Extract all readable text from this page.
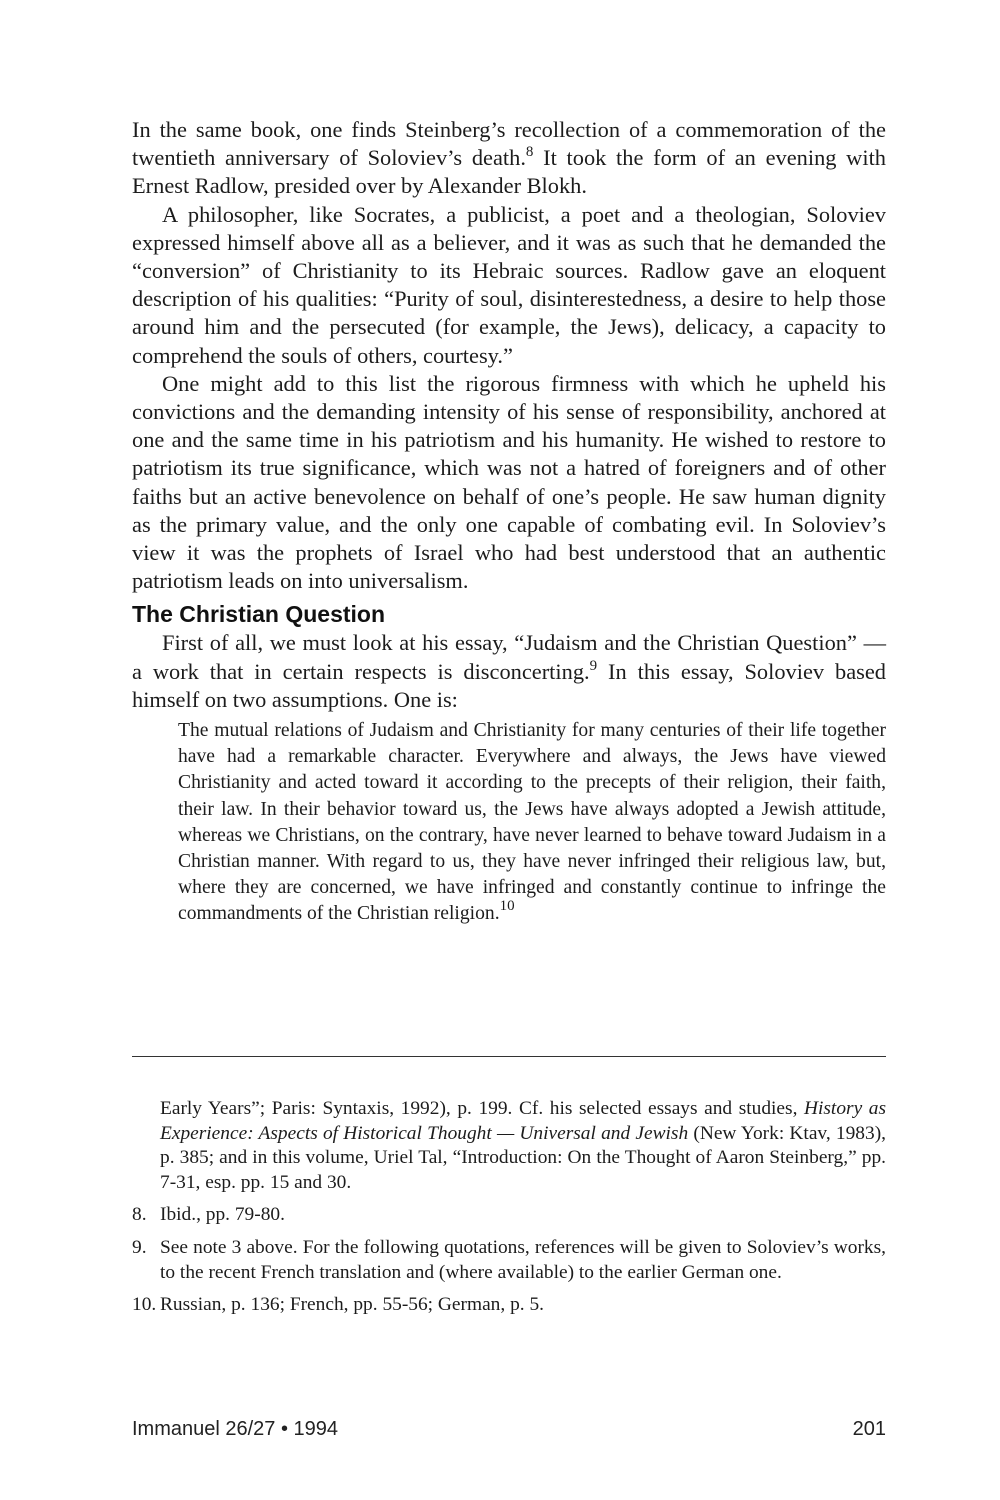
In the same book, one finds Steinberg’s recollection of a commemoration of the twentieth anniversary of Soloviev’s death.$^8$ It took the form of an evening with Ernest Radlow, presided over by Alexander Blokh.

A philosopher, like Socrates, a publicist, a poet and a theologian, Soloviev expressed himself above all as a believer, and it was as such that he demanded the “conversion” of Christianity to its Hebraic sources. Radlow gave an eloquent description of his qualities: “Purity of soul, disinterestedness, a desire to help those around him and the persecuted (for example, the Jews), delicacy, a capacity to comprehend the souls of others, courtesy.”

One might add to this list the rigorous firmness with which he upheld his convictions and the demanding intensity of his sense of responsibility, anchored at one and the same time in his patriotism and his humanity. He wished to restore to patriotism its true significance, which was not a hatred of foreigners and of other faiths but an active benevolence on behalf of one’s people. He saw human dignity as the primary value, and the only one capable of combating evil. In Soloviev’s view it was the prophets of Israel who had best understood that an authentic patriotism leads on into universalism.

The Christian Question

First of all, we must look at his essay, “Judaism and the Christian Question” — a work that in certain respects is disconcerting.$^9$ In this essay, Soloviev based himself on two assumptions. One is:

The mutual relations of Judaism and Christianity for many centuries of their life together have had a remarkable character. Everywhere and always, the Jews have viewed Christianity and acted toward it according to the precepts of their religion, their faith, their law. In their behavior toward us, the Jews have always adopted a Jewish attitude, whereas we Christians, on the contrary, have never learned to behave toward Judaism in a Christian manner. With regard to us, they have never infringed their religious law, but, where they are concerned, we have infringed and constantly continue to infringe the commandments of the Christian religion.$^{10}$
Early Years”; Paris: Syntaxis, 1992), p. 199. Cf. his selected essays and studies, History as Experience: Aspects of Historical Thought — Universal and Jewish (New York: Ktav, 1983), p. 385; and in this volume, Uriel Tal, “Introduction: On the Thought of Aaron Steinberg,” pp. 7-31, esp. pp. 15 and 30.
8. Ibid., pp. 79-80.
9. See note 3 above. For the following quotations, references will be given to Soloviev’s works, to the recent French translation and (where available) to the earlier German one.
10. Russian, p. 136; French, pp. 55-56; German, p. 5.
Immanuel 26/27 • 1994	201
